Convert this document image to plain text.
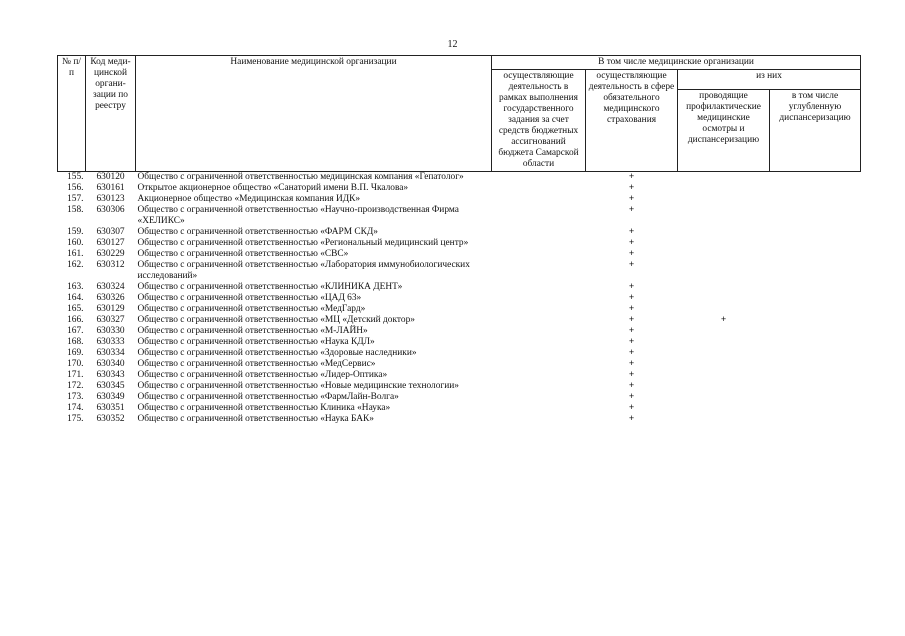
12
№ п/п	Код меди-цинской органи-зации по реестру	Наименование медицинской организации	В том числе медицинские организации			
			осуществляющие деятельность в рамках выполнения государственного задания за счет средств бюджетных ассигнований бюджета Самарской области	осуществляющие деятельность в сфере обязательного медицинского страхования	из них	
					проводящие профилактические медицинские осмотры и диспансеризацию	в том числе углубленную диспансеризацию
155.	630120	Общество с ограниченной ответственностью медицинская компания «Гепатолог»		+		
156.	630161	Открытое акционерное общество «Санаторий имени В.П. Чкалова»		+		
157.	630123	Акционерное общество «Медицинская компания ИДК»		+		
158.	630306	Общество с ограниченной ответственностью «Научно-производственная Фирма «ХЕЛИКС»		+		
159.	630307	Общество с ограниченной ответственностью «ФАРМ СКД»		+		
160.	630127	Общество с ограниченной ответственностью «Региональный медицинский центр»		+		
161.	630229	Общество с ограниченной ответственностью «СВС»		+		
162.	630312	Общество с ограниченной ответственностью «Лаборатория иммунобиологических исследований»		+		
163.	630324	Общество с ограниченной ответственностью «КЛИНИКА ДЕНТ»		+		
164.	630326	Общество с ограниченной ответственностью «ЦАД 63»		+		
165.	630129	Общество с ограниченной ответственностью «МедГард»		+		
166.	630327	Общество с ограниченной ответственностью «МЦ «Детский доктор»		+	+	
167.	630330	Общество с ограниченной ответственностью «М-ЛАЙН»		+		
168.	630333	Общество с ограниченной ответственностью «Наука КДЛ»		+		
169.	630334	Общество с ограниченной ответственностью «Здоровые наследники»		+		
170.	630340	Общество с ограниченной ответственностью «МедСервис»		+		
171.	630343	Общество с ограниченной ответственностью «Лидер-Оптика»		+		
172.	630345	Общество с ограниченной ответственностью «Новые медицинские технологии»		+		
173.	630349	Общество с ограниченной ответственностью «ФармЛайн-Волга»		+		
174.	630351	Общество с ограниченной ответственностью Клиника «Наука»		+		
175.	630352	Общество с ограниченной ответственностью «Наука БАК»		+		
